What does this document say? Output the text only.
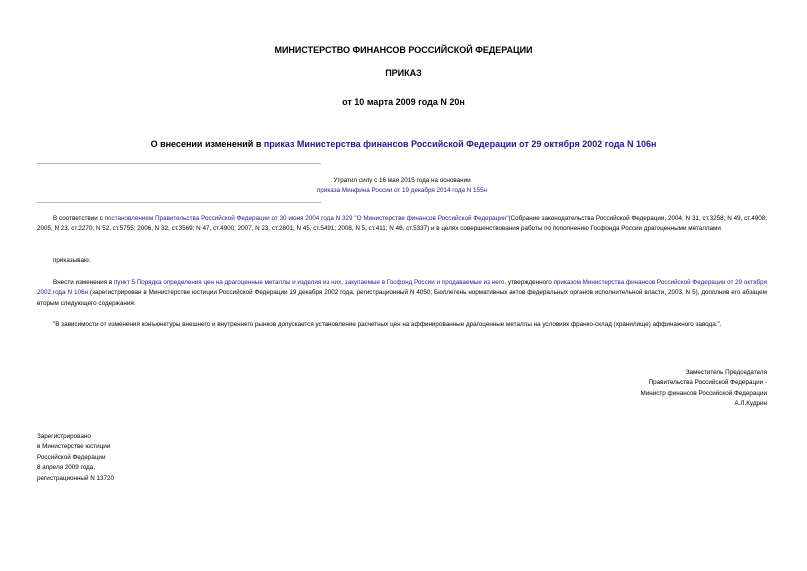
МИНИСТЕРСТВО ФИНАНСОВ РОССИЙСКОЙ ФЕДЕРАЦИИ
ПРИКАЗ
от 10 марта 2009 года N 20н
О внесении изменений в приказ Министерства финансов Российской Федерации от 29 октября 2002 года N 106н
Утратил силу с 16 мая 2015 года на основании
приказа Минфина России от 19 декабря 2014 года N 155н
В соответствии с постановлением Правительства Российской Федерации от 30 июня 2004 года N 329 "О Министерстве финансов Российской Федерации"(Собрание законодательства Российской Федерации, 2004, N 31, ст.3258; N 49, ст.4908; 2005, N 23, ст.2270; N 52, ст.5755; 2006, N 32, ст.3569; N 47, ст.4900; 2007, N 23, ст.2801; N 45, ст.5491; 2008, N 5, ст.411; N 46, ст.5337) и в целях совершенствования работы по пополнению Госфонда России драгоценными металлами
приказываю:
Внести изменения в пункт 5 Порядка определения цен на драгоценные металлы и изделия из них, закупаемые в Госфонд России и продаваемые из него, утвержденного приказом Министерства финансов Российской Федерации от 29 октября 2002 года N 106н (зарегистрирован в Министерстве юстиции Российской Федерации 19 декабря 2002 года, регистрационный N 4050; Бюллетень нормативных актов федеральных органов исполнительной власти, 2003, N 5), дополнив его абзацем вторым следующего содержания:
"В зависимости от изменения конъюнктуры внешнего и внутреннего рынков допускается установление расчетных цен на аффинированные драгоценные металлы на условиях франко-склад (хранилище) аффинажного завода.".
Заместитель Председателя
Правительства Российской Федерации -
Министр финансов Российской Федерации
А.Л.Кудрин
Зарегистрировано
в Министерстве юстиции
Российской Федерации
8 апреля 2009 года,
регистрационный N 13720
